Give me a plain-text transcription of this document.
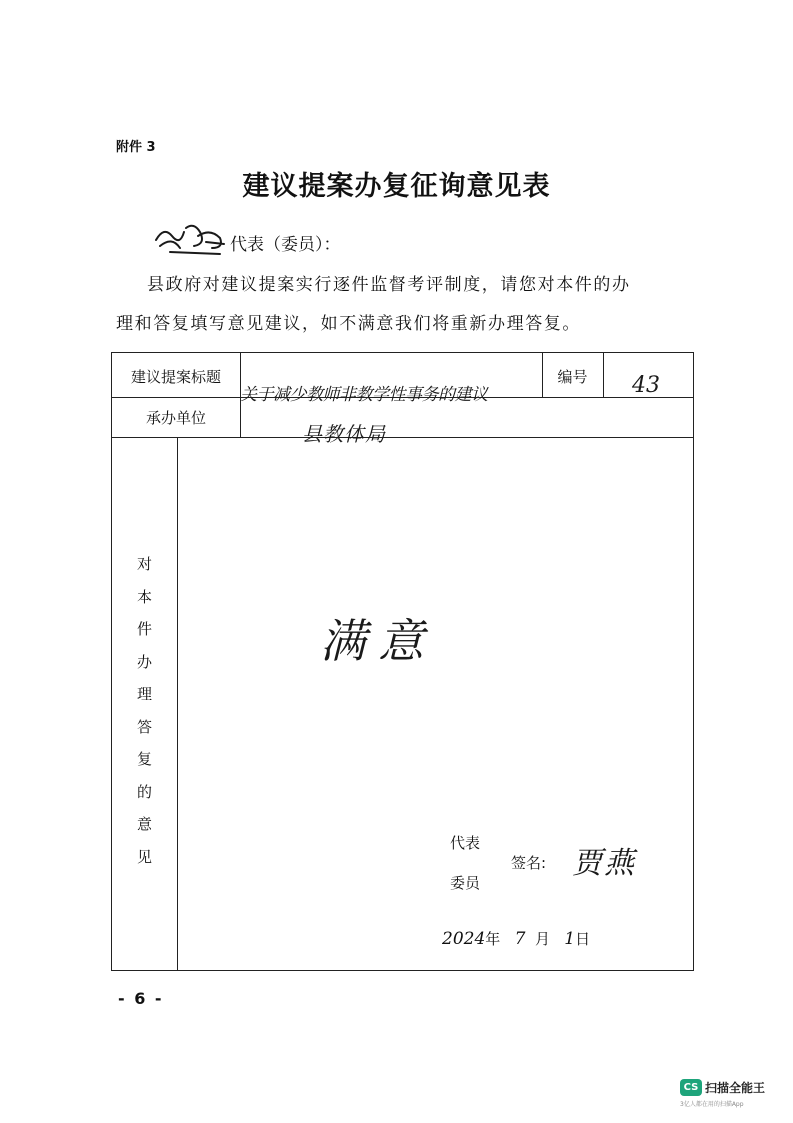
附件 3
建议提案办复征询意见表
代表（委员）：
县政府对建议提案实行逐件监督考评制度，请您对本件的办
理和答复填写意见建议，如不满意我们将重新办理答复。
建议提案标题	编号
承办单位
对
本
件
办
理
答
复
的
意
见
关于减少教师非教学性事务的建议	43
县教体局
满意
代表
委员
签名: 贾燕
2024年 7 月 1日
- 6 -
CS 扫描全能王
3亿人都在用的扫描App
